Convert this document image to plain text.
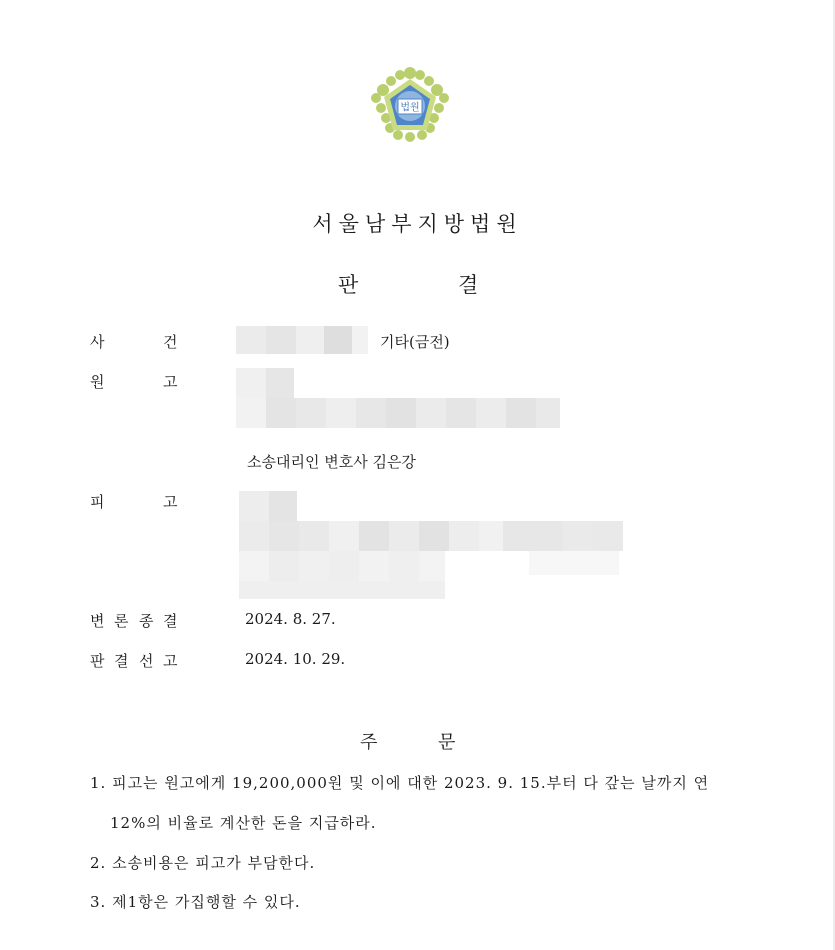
법원
서울남부지방법원
판	결
사	건	기타(금전)
원	고
소송대리인 변호사 김은강
피	고
변 론 종 결	2024. 8. 27.
판 결 선 고	2024. 10. 29.
주	문
1. 피고는 원고에게 19,200,000원 및 이에 대한 2023. 9. 15.부터 다 갚는 날까지 연
12%의 비율로 계산한 돈을 지급하라.
2. 소송비용은 피고가 부담한다.
3. 제1항은 가집행할 수 있다.
